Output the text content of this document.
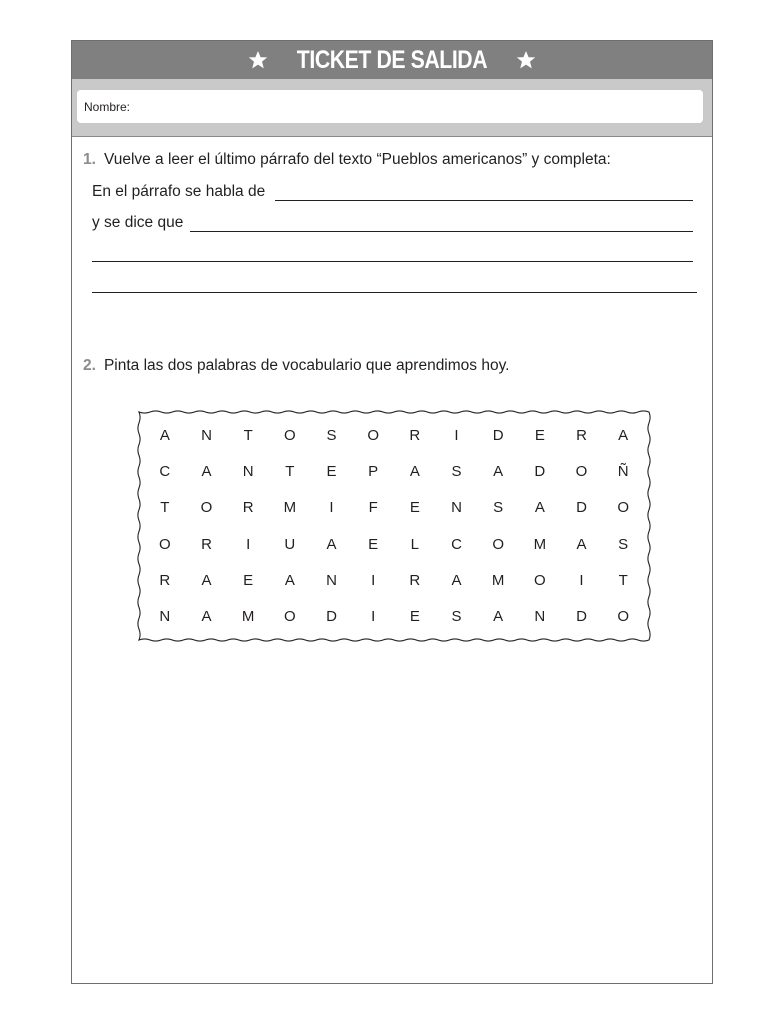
TICKET DE SALIDA
Nombre:
1. Vuelve a leer el último párrafo del texto “Pueblos americanos” y completa:
En el párrafo se habla de
y se dice que
2. Pinta las dos palabras de vocabulario que aprendimos hoy.
A	N	T	O	S	O	R	I	D	E	R	A
C	A	N	T	E	P	A	S	A	D	O	Ñ
T	O	R	M	I	F	E	N	S	A	D	O
O	R	I	U	A	E	L	C	O	M	A	S
R	A	E	A	N	I	R	A	M	O	I	T
N	A	M	O	D	I	E	S	A	N	D	O
